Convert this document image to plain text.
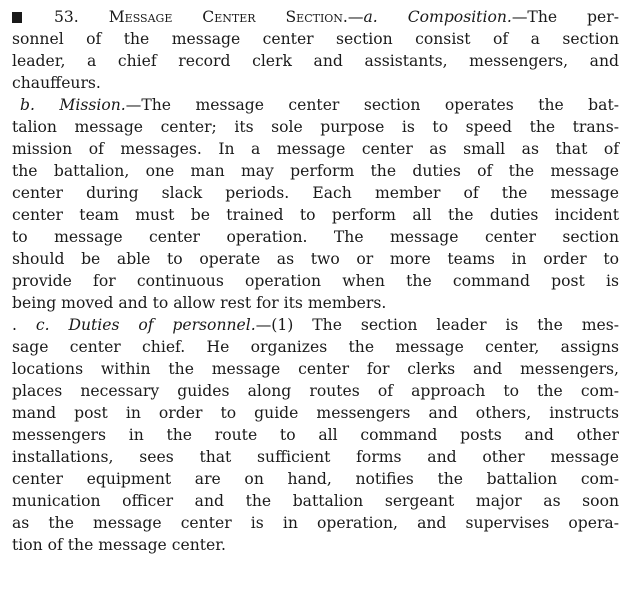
53. Message Center Section.—a. Composition.—The per-
sonnel of the message center section consist of a section
leader, a chief record clerk and assistants, messengers, and
chauffeurs.
b. Mission.—The message center section operates the bat-
talion message center; its sole purpose is to speed the trans-
mission of messages. In a message center as small as that of
the battalion, one man may perform the duties of the message
center during slack periods. Each member of the message
center team must be trained to perform all the duties incident
to message center operation. The message center section
should be able to operate as two or more teams in order to
provide for continuous operation when the command post is
being moved and to allow rest for its members.
. c. Duties of personnel.—(1) The section leader is the mes-
sage center chief. He organizes the message center, assigns
locations within the message center for clerks and messengers,
places necessary guides along routes of approach to the com-
mand post in order to guide messengers and others, instructs
messengers in the route to all command posts and other
installations, sees that sufficient forms and other message
center equipment are on hand, notifies the battalion com-
munication officer and the battalion sergeant major as soon
as the message center is in operation, and supervises opera-
tion of the message center.
